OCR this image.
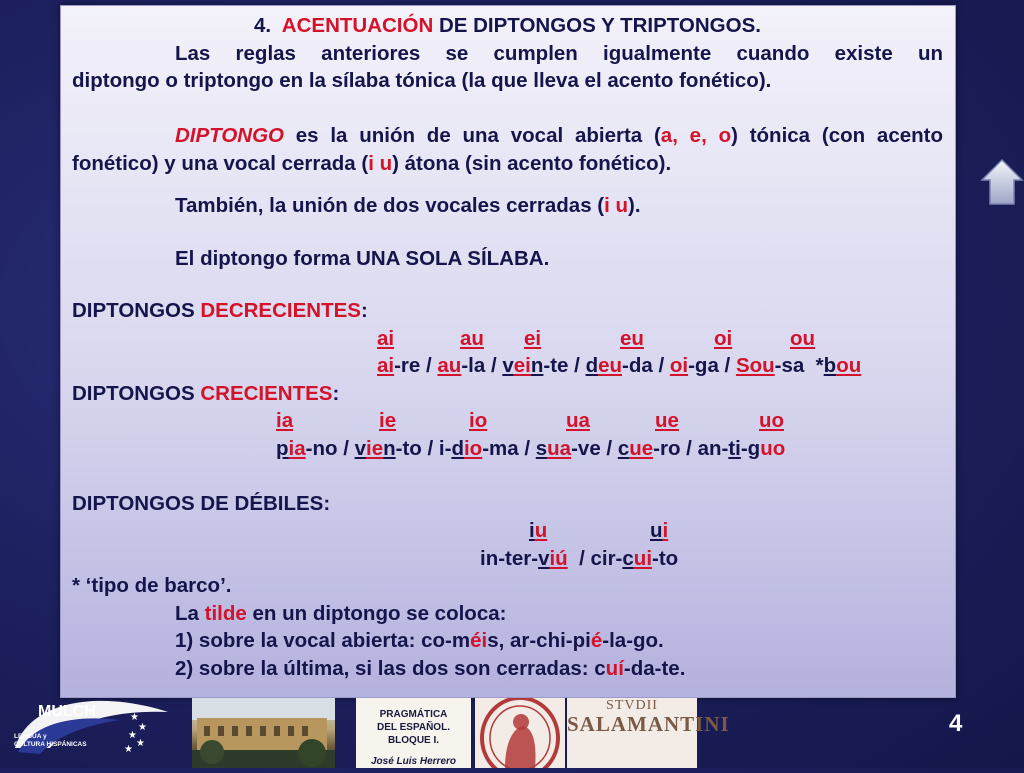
4. ACENTUACIÓN DE DIPTONGOS Y TRIPTONGOS.
Las reglas anteriores se cumplen igualmente cuando existe un
diptongo o triptongo en la sílaba tónica (la que lleva el acento fonético).
DIPTONGO es la unión de una vocal abierta (a, e, o) tónica (con acento
fonético) y una vocal cerrada (i u) átona (sin acento fonético).
También, la unión de dos vocales cerradas (i u).
El diptongo forma UNA SOLA SÍLABA.
DIPTONGOS DECRECIENTES:
ai	au ei	eu	oi	ou
ai-re / au-la / vein-te / deu-da / oi-ga / Sou-sa  *bou
DIPTONGOS CRECIENTES:
ia	ie	io	ua	ue	uo
pia-no / vien-to / i-dio-ma / sua-ve / cue-ro / an-ti-guo
DIPTONGOS DE DÉBILES:
iu	ui
in-ter-viú  / cir-cui-to
* ‘tipo de barco’.
La tilde en un diptongo se coloca:
1) sobre la vocal abierta: co-méis, ar-chi-pié-la-go.
2) sobre la última, si las dos son cerradas: cuí-da-te.
★
★
★
★
★
MULCH
LENGUA y
CULTURA HISPÁNICAS
PRAGMÁTICA
DEL ESPAÑOL.
BLOQUE I.
José Luis Herrero
STVDII
SALAMANTINI	4
